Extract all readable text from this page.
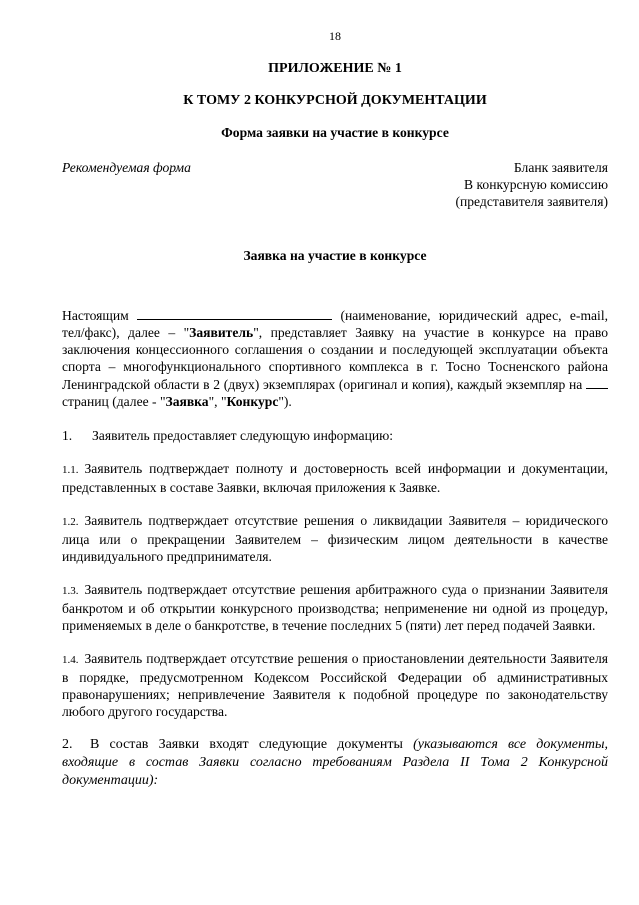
18
ПРИЛОЖЕНИЕ № 1
К ТОМУ 2 КОНКУРСНОЙ ДОКУМЕНТАЦИИ
Форма заявки на участие в конкурсе
Рекомендуемая форма	Бланк заявителя
В конкурсную комиссию
(представителя заявителя)
Заявка на участие в конкурсе
Настоящим	(наименование, юридический адрес, e-mail, тел/факс), далее – "Заявитель", представляет Заявку на участие в конкурсе на право заключения концессионного соглашения о создании и последующей эксплуатации объекта спорта – многофункционального спортивного комплекса в г. Тосно Тосненского района Ленинградской области в 2 (двух) экземплярах (оригинал и копия), каждый экземпляр на  страниц (далее - "Заявка", "Конкурс").
1. Заявитель предоставляет следующую информацию:
1.1. Заявитель подтверждает полноту и достоверность всей информации и документации, представленных в составе Заявки, включая приложения к Заявке.
1.2. Заявитель подтверждает отсутствие решения о ликвидации Заявителя – юридического лица или о прекращении Заявителем – физическим лицом деятельности в качестве индивидуального предпринимателя.
1.3. Заявитель подтверждает отсутствие решения арбитражного суда о признании Заявителя банкротом и об открытии конкурсного производства; неприменение ни одной из процедур, применяемых в деле о банкротстве, в течение последних 5 (пяти) лет перед подачей Заявки.
1.4. Заявитель подтверждает отсутствие решения о приостановлении деятельности Заявителя в порядке, предусмотренном Кодексом Российской Федерации об административных правонарушениях; непривлечение Заявителя к подобной процедуре по законодательству любого другого государства.
2. В состав Заявки входят следующие документы (указываются все документы, входящие в состав Заявки согласно требованиям Раздела II Тома 2 Конкурсной документации):
